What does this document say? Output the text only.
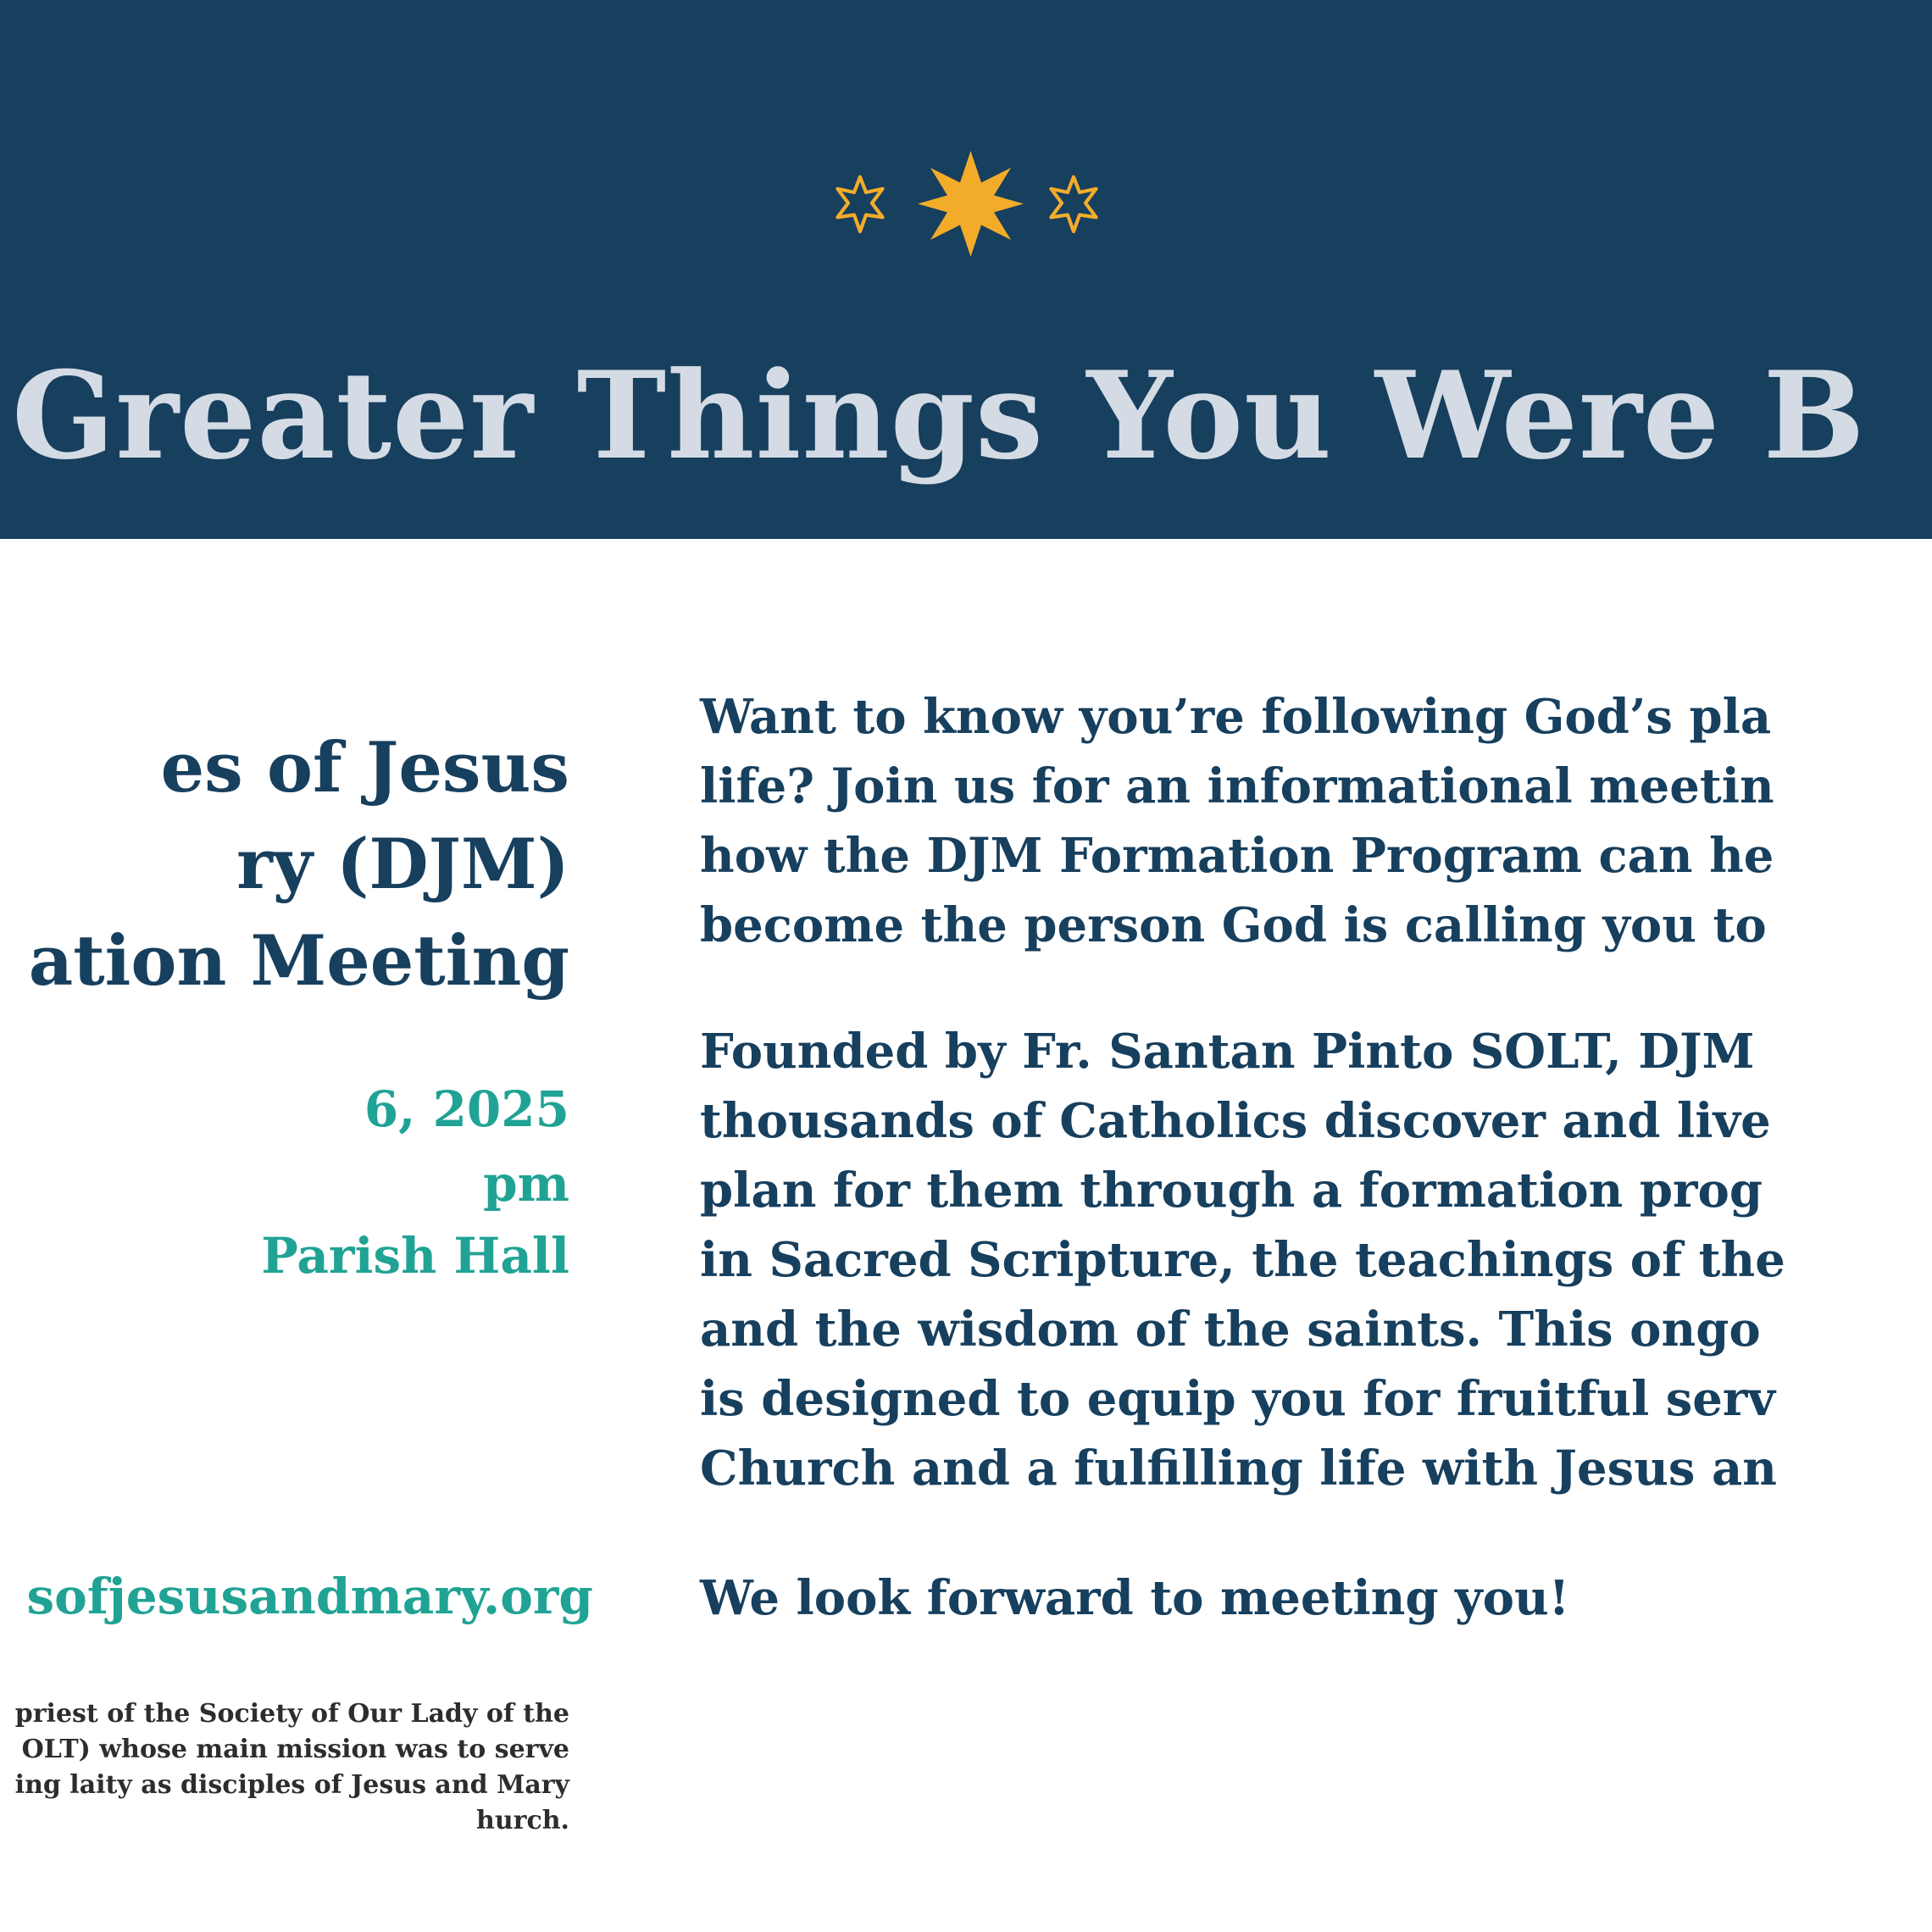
Greater Things You Were B
es of Jesus
ry (DJM)
ation Meeting
6, 2025
pm
Parish Hall
sofjesusandmary.org
priest of the Society of Our Lady of the
OLT) whose main mission was to serve
ing laity as disciples of Jesus and Mary
hurch.
Want to know you’re following God’s pla
life? Join us for an informational meetin
how the DJM Formation Program can he
become the person God is calling you to
Founded by Fr. Santan Pinto SOLT, DJM
thousands of Catholics discover and live
plan for them through a formation prog
in Sacred Scripture, the teachings of the
and the wisdom of the saints. This ongo
is designed to equip you for fruitful serv
Church and a fulfilling life with Jesus an
We look forward to meeting you!
